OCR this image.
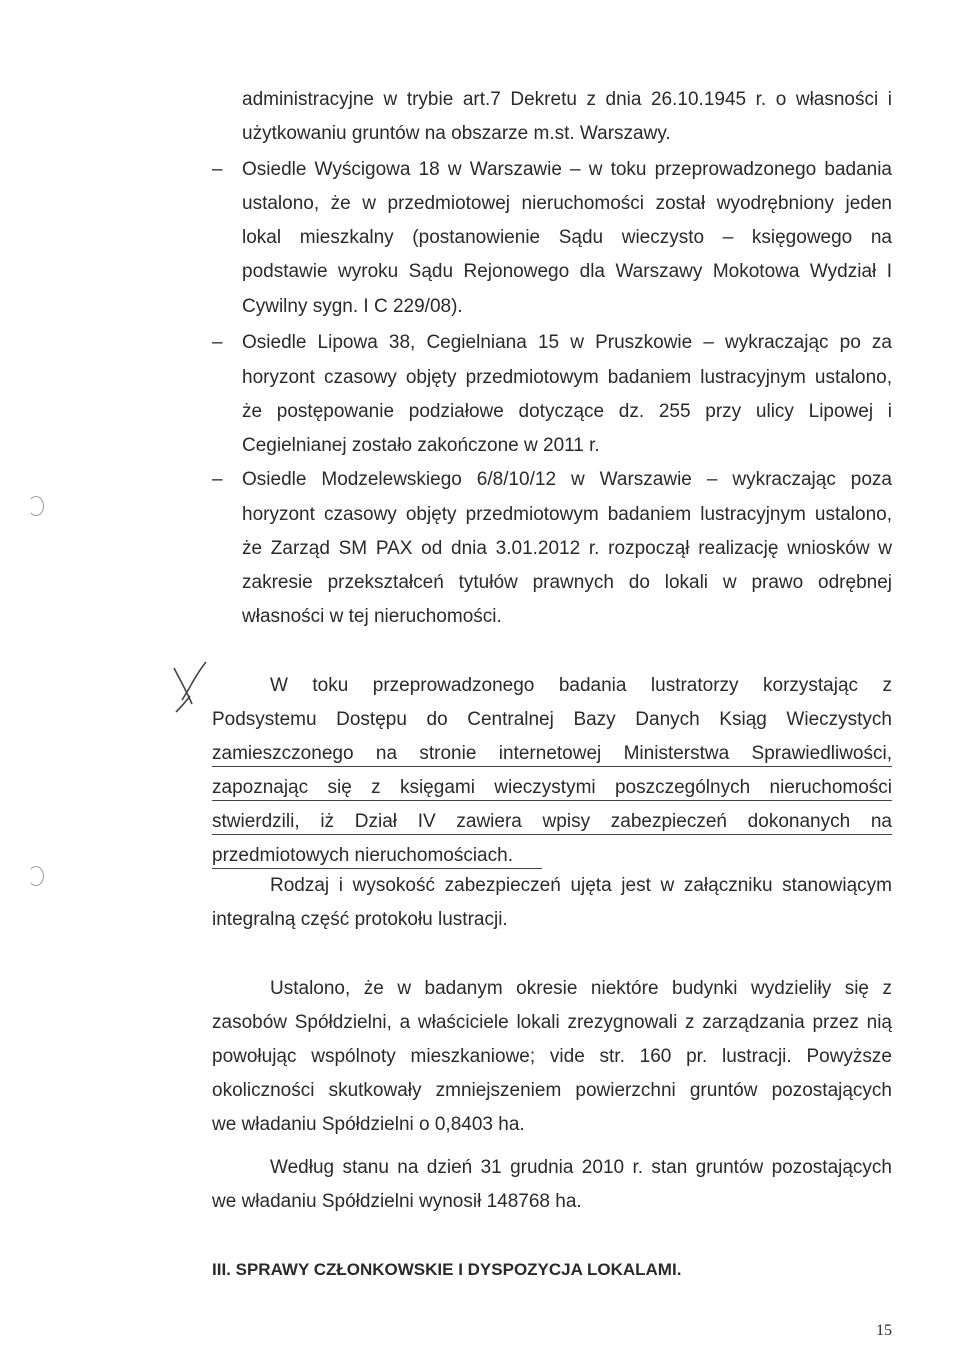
administracyjne w trybie art.7 Dekretu z dnia 26.10.1945 r. o własności i
użytkowaniu gruntów na obszarze m.st. Warszawy.
– Osiedle Wyścigowa 18 w Warszawie – w toku przeprowadzonego badania
ustalono, że w przedmiotowej nieruchomości został wyodrębniony jeden
lokal mieszkalny (postanowienie Sądu wieczysto – księgowego na
podstawie wyroku Sądu Rejonowego dla Warszawy Mokotowa Wydział I
Cywilny sygn. I C 229/08).
– Osiedle Lipowa 38, Cegielniana 15 w Pruszkowie – wykraczając po za
horyzont czasowy objęty przedmiotowym badaniem lustracyjnym ustalono,
że postępowanie podziałowe dotyczące dz. 255 przy ulicy Lipowej i
Cegielnianej zostało zakończone w 2011 r.
– Osiedle Modzelewskiego 6/8/10/12 w Warszawie – wykraczając poza
horyzont czasowy objęty przedmiotowym badaniem lustracyjnym ustalono,
że Zarząd SM PAX od dnia 3.01.2012 r. rozpoczął realizację wniosków w
zakresie przekształceń tytułów prawnych do lokali w prawo odrębnej
własności w tej nieruchomości.
W toku przeprowadzonego badania lustratorzy korzystając z
Podsystemu Dostępu do Centralnej Bazy Danych Ksiąg Wieczystych
zamieszczonego na stronie internetowej Ministerstwa Sprawiedliwości,
zapoznając się z księgami wieczystymi poszczególnych nieruchomości
stwierdzili, iż Dział IV zawiera wpisy zabezpieczeń dokonanych na
przedmiotowych nieruchomościach.
Rodzaj i wysokość zabezpieczeń ujęta jest w załączniku stanowiącym
integralną część protokołu lustracji.
Ustalono, że w badanym okresie niektóre budynki wydzieliły się z
zasobów Spółdzielni, a właściciele lokali zrezygnowali z zarządzania przez nią
powołując wspólnoty mieszkaniowe; vide str. 160 pr. lustracji. Powyższe
okoliczności skutkowały zmniejszeniem powierzchni gruntów pozostających
we władaniu Spółdzielni o 0,8403 ha.
Według stanu na dzień 31 grudnia 2010 r. stan gruntów pozostających
we władaniu Spółdzielni wynosił 148768 ha.
III. SPRAWY CZŁONKOWSKIE I DYSPOZYCJA LOKALAMI.
15
